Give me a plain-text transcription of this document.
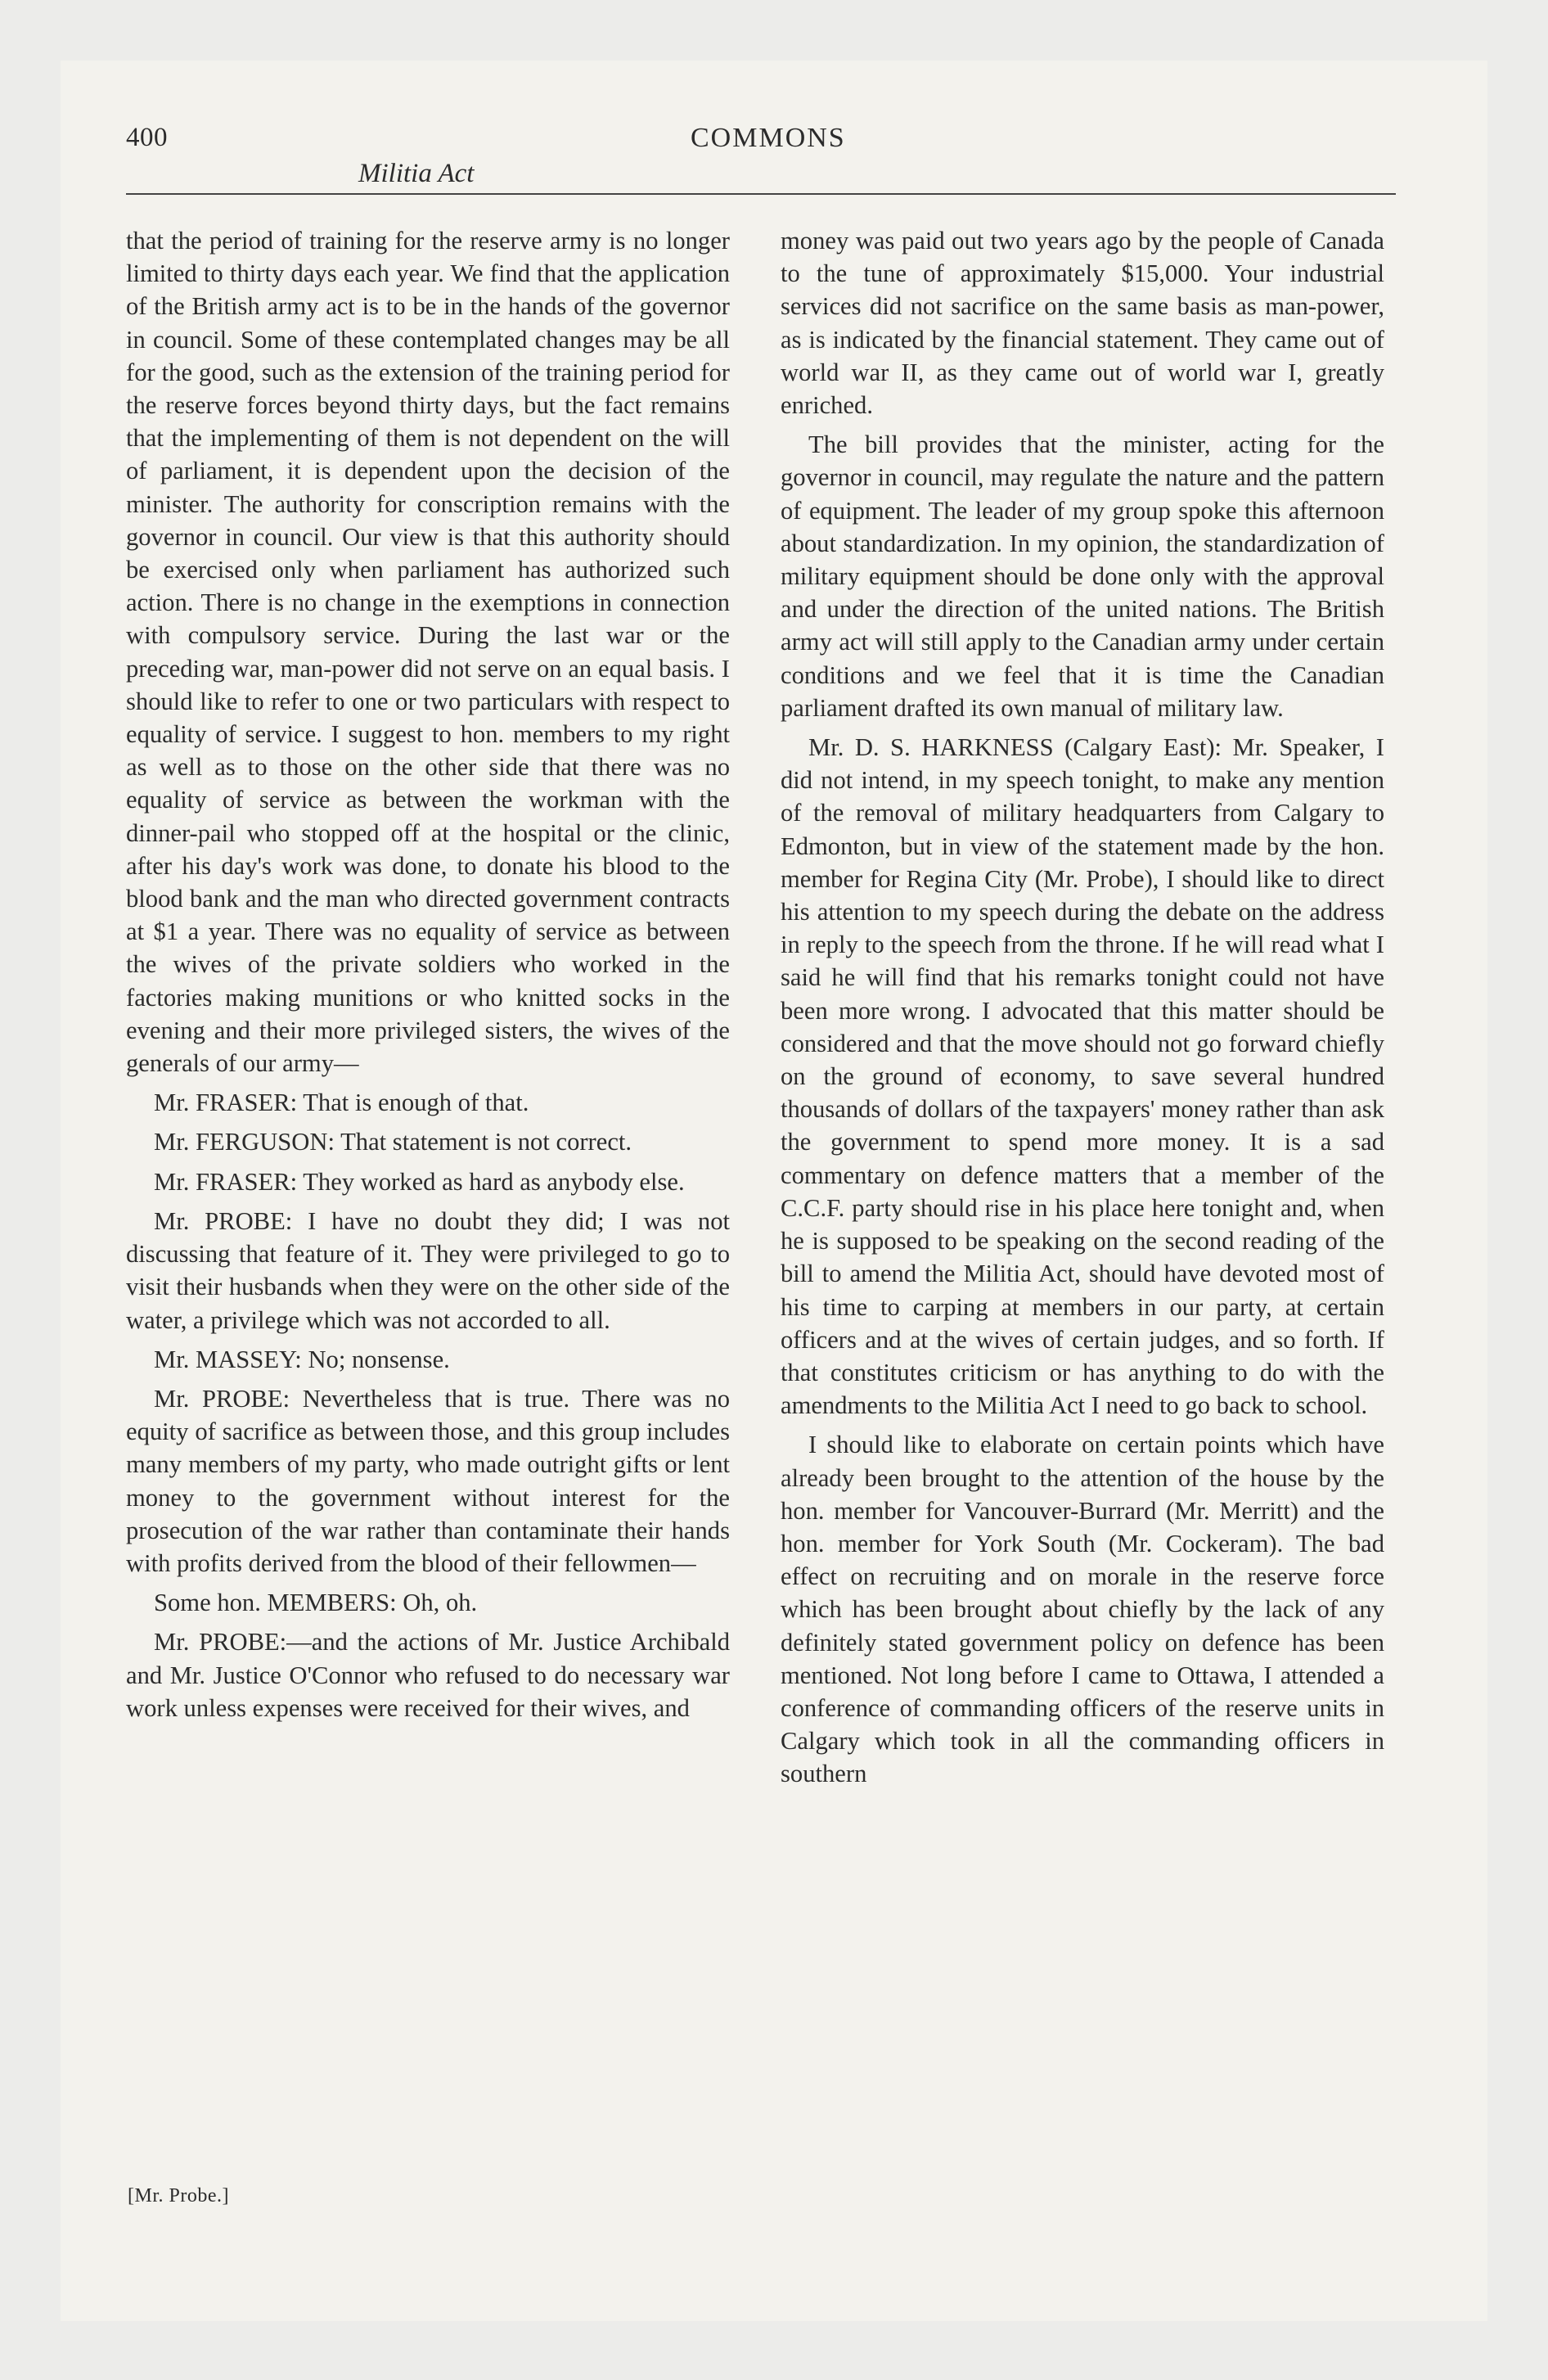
400	COMMONS
Militia Act

that the period of training for the reserve army is no longer limited to thirty days each year. We find that the application of the British army act is to be in the hands of the governor in council. Some of these contemplated changes may be all for the good, such as the extension of the training period for the reserve forces beyond thirty days, but the fact remains that the implementing of them is not dependent on the will of parliament, it is dependent upon the decision of the minister. The authority for conscription remains with the governor in council. Our view is that this authority should be exercised only when parliament has authorized such action. There is no change in the exemptions in connection with compulsory service. During the last war or the preceding war, man-power did not serve on an equal basis. I should like to refer to one or two particulars with respect to equality of service. I suggest to hon. members to my right as well as to those on the other side that there was no equality of service as between the workman with the dinner-pail who stopped off at the hospital or the clinic, after his day's work was done, to donate his blood to the blood bank and the man who directed government contracts at $1 a year. There was no equality of service as between the wives of the private soldiers who worked in the factories making munitions or who knitted socks in the evening and their more privileged sisters, the wives of the generals of our army—

Mr. FRASER: That is enough of that.

Mr. FERGUSON: That statement is not correct.

Mr. FRASER: They worked as hard as anybody else.

Mr. PROBE: I have no doubt they did; I was not discussing that feature of it. They were privileged to go to visit their husbands when they were on the other side of the water, a privilege which was not accorded to all.

Mr. MASSEY: No; nonsense.

Mr. PROBE: Nevertheless that is true. There was no equity of sacrifice as between those, and this group includes many members of my party, who made outright gifts or lent money to the government without interest for the prosecution of the war rather than contaminate their hands with profits derived from the blood of their fellowmen—

Some hon. MEMBERS: Oh, oh.

Mr. PROBE:—and the actions of Mr. Justice Archibald and Mr. Justice O'Connor who refused to do necessary war work unless expenses were received for their wives, and

money was paid out two years ago by the people of Canada to the tune of approximately $15,000. Your industrial services did not sacrifice on the same basis as man-power, as is indicated by the financial statement. They came out of world war II, as they came out of world war I, greatly enriched.

The bill provides that the minister, acting for the governor in council, may regulate the nature and the pattern of equipment. The leader of my group spoke this afternoon about standardization. In my opinion, the standardization of military equipment should be done only with the approval and under the direction of the united nations. The British army act will still apply to the Canadian army under certain conditions and we feel that it is time the Canadian parliament drafted its own manual of military law.

Mr. D. S. HARKNESS (Calgary East): Mr. Speaker, I did not intend, in my speech tonight, to make any mention of the removal of military headquarters from Calgary to Edmonton, but in view of the statement made by the hon. member for Regina City (Mr. Probe), I should like to direct his attention to my speech during the debate on the address in reply to the speech from the throne. If he will read what I said he will find that his remarks tonight could not have been more wrong. I advocated that this matter should be considered and that the move should not go forward chiefly on the ground of economy, to save several hundred thousands of dollars of the taxpayers' money rather than ask the government to spend more money. It is a sad commentary on defence matters that a member of the C.C.F. party should rise in his place here tonight and, when he is supposed to be speaking on the second reading of the bill to amend the Militia Act, should have devoted most of his time to carping at members in our party, at certain officers and at the wives of certain judges, and so forth. If that constitutes criticism or has anything to do with the amendments to the Militia Act I need to go back to school.

I should like to elaborate on certain points which have already been brought to the attention of the house by the hon. member for Vancouver-Burrard (Mr. Merritt) and the hon. member for York South (Mr. Cockeram). The bad effect on recruiting and on morale in the reserve force which has been brought about chiefly by the lack of any definitely stated government policy on defence has been mentioned. Not long before I came to Ottawa, I attended a conference of commanding officers of the reserve units in Calgary which took in all the commanding officers in southern

[Mr. Probe.]
